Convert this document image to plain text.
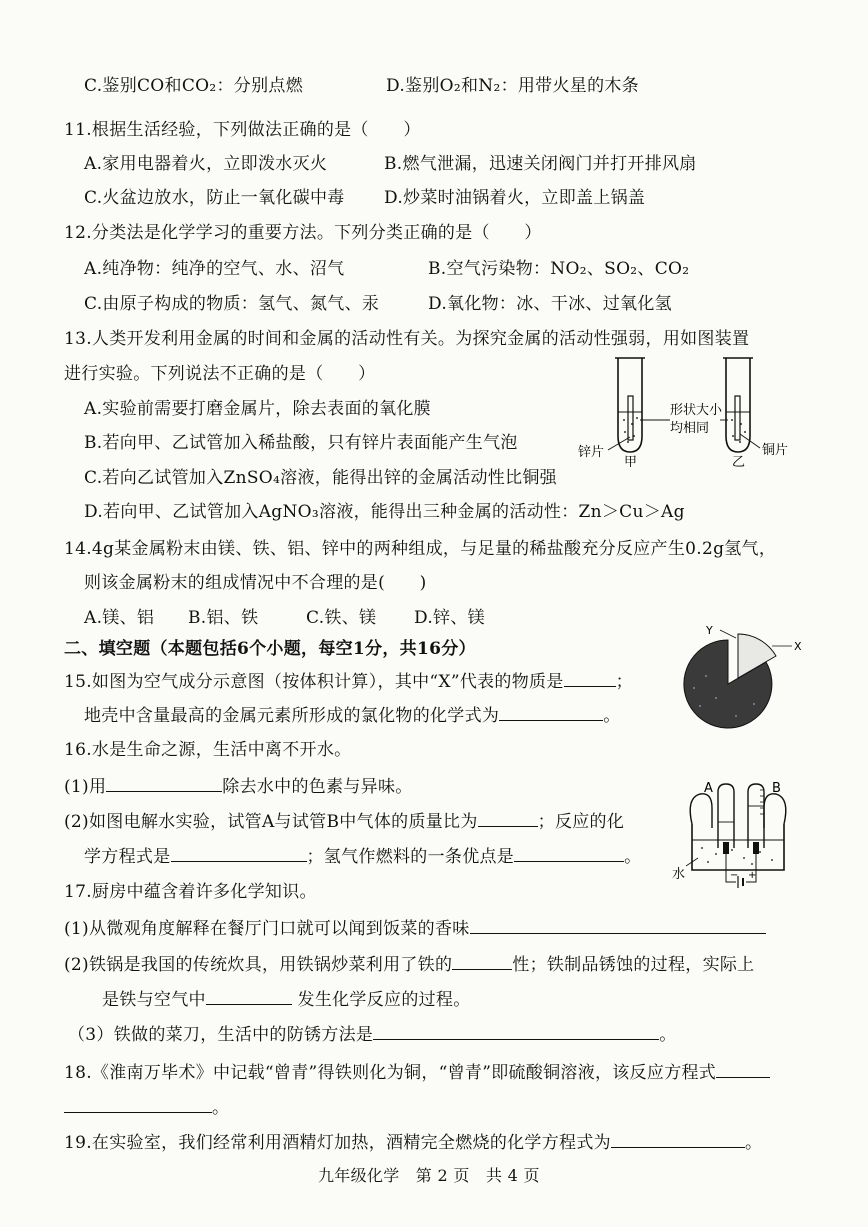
C.鉴别CO和CO₂：分别点燃	D.鉴别O₂和N₂：用带火星的木条
11.根据生活经验，下列做法正确的是（　　）
A.家用电器着火，立即泼水灭火	B.燃气泄漏，迅速关闭阀门并打开排风扇
C.火盆边放水，防止一氧化碳中毒 D.炒菜时油锅着火，立即盖上锅盖
12.分类法是化学学习的重要方法。下列分类正确的是（　　）
A.纯净物：纯净的空气、水、沼气	B.空气污染物：NO₂、SO₂、CO₂
C.由原子构成的物质：氢气、氮气、汞	D.氧化物：冰、干冰、过氧化氢
13.人类开发利用金属的时间和金属的活动性有关。为探究金属的活动性强弱，用如图装置
进行实验。下列说法不正确的是（　　）
A.实验前需要打磨金属片，除去表面的氧化膜
B.若向甲、乙试管加入稀盐酸，只有锌片表面能产生气泡
C.若向乙试管加入ZnSO₄溶液，能得出锌的金属活动性比铜强
D.若向甲、乙试管加入AgNO₃溶液，能得出三种金属的活动性：Zn＞Cu＞Ag
锌片
形状大小
均相同
铜片
甲	乙
14.4g某金属粉末由镁、铁、铝、锌中的两种组成，与足量的稀盐酸充分反应产生0.2g氢气，
则该金属粉末的组成情况中不合理的是(　　)
A.镁、铝 B.铝、铁	C.铁、镁 D.锌、镁
二、填空题（本题包括6个小题，每空1分，共16分）
Y
X
15.如图为空气成分示意图（按体积计算），其中“X”代表的物质是	；
地壳中含量最高的金属元素所形成的氯化物的化学式为	。
16.水是生命之源，生活中离不开水。
(1)用	除去水中的色素与异味。
(2)如图电解水实验，试管A与试管B中气体的质量比为	；反应的化
学方程式是	；氢气作燃料的一条优点是	。
− +
A	B
水
17.厨房中蕴含着许多化学知识。
(1)从微观角度解释在餐厅门口就可以闻到饭菜的香味
(2)铁锅是我国的传统炊具，用铁锅炒菜利用了铁的	性；铁制品锈蚀的过程，实际上
是铁与空气中	发生化学反应的过程。
（3）铁做的菜刀，生活中的防锈方法是	。
18.《淮南万毕术》中记载“曾青”得铁则化为铜，“曾青”即硫酸铜溶液，该反应方程式
。
19.在实验室，我们经常利用酒精灯加热，酒精完全燃烧的化学方程式为	。
九年级化学　第 2 页　共 4 页
